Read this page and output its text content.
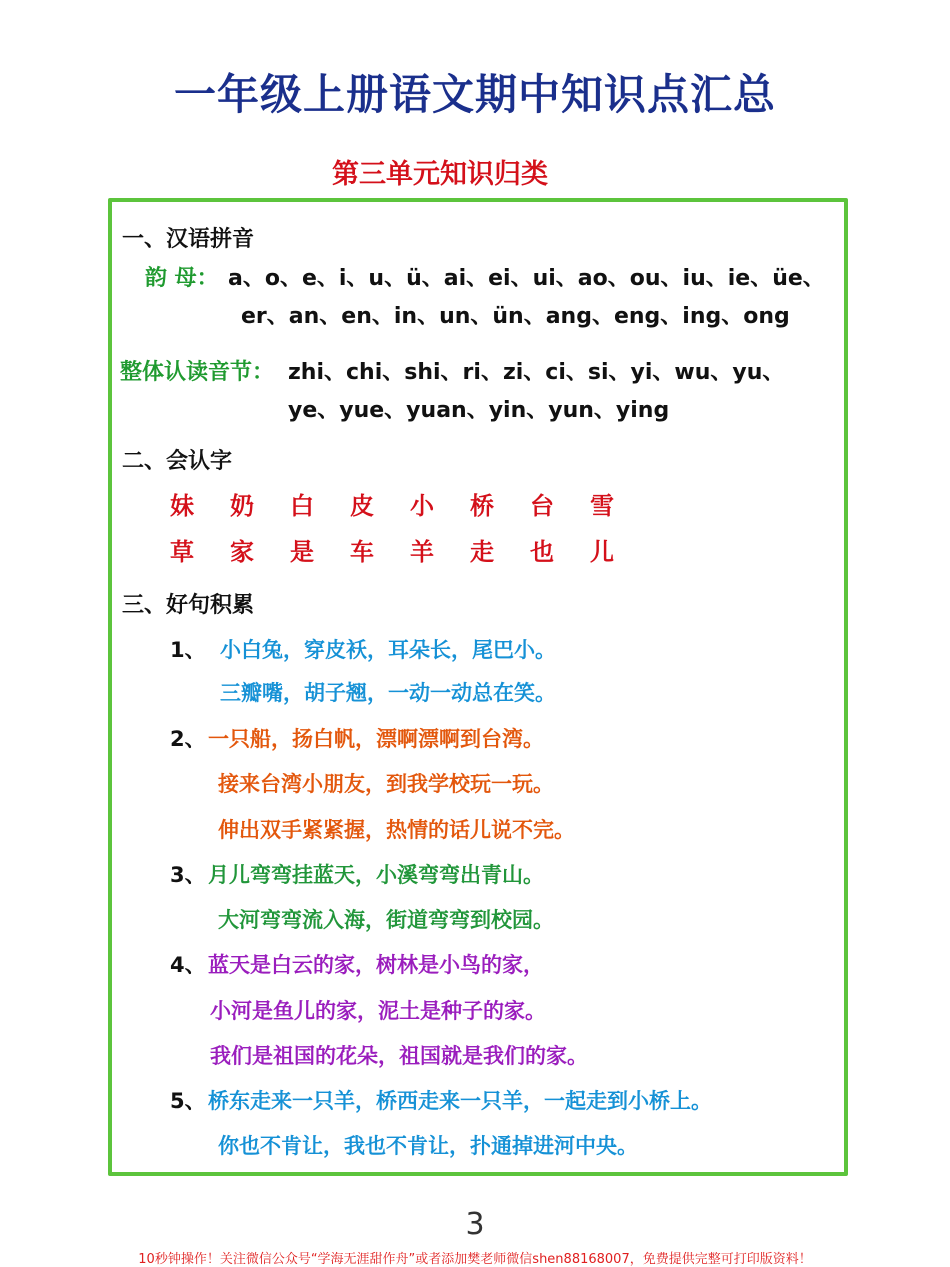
一年级上册语文期中知识点汇总
第三单元知识归类
一、汉语拼音
韵 母： a、o、e、i、u、ü、ai、ei、ui、ao、ou、iu、ie、üe、
er、an、en、in、un、ün、ang、eng、ing、ong
整体认读音节： zhi、chi、shi、ri、zi、ci、si、yi、wu、yu、
ye、yue、yuan、yin、yun、ying
二、会认字
妹 奶 白 皮 小 桥 台 雪
草 家 是 车 羊 走 也 儿
三、好句积累
1、 小白兔，穿皮袄，耳朵长，尾巴小。
三瓣嘴，胡子翘，一动一动总在笑。
2、 一只船，扬白帆，漂啊漂啊到台湾。
接来台湾小朋友，到我学校玩一玩。
伸出双手紧紧握，热情的话儿说不完。
3、 月儿弯弯挂蓝天，小溪弯弯出青山。
大河弯弯流入海，街道弯弯到校园。
4、 蓝天是白云的家，树林是小鸟的家，
小河是鱼儿的家，泥土是种子的家。
我们是祖国的花朵，祖国就是我们的家。
5、 桥东走来一只羊，桥西走来一只羊，一起走到小桥上。
你也不肯让，我也不肯让，扑通掉进河中央。
3
10秒钟操作！关注微信公众号“学海无涯甜作舟”或者添加樊老师微信shen88168007，免费提供完整可打印版资料！
